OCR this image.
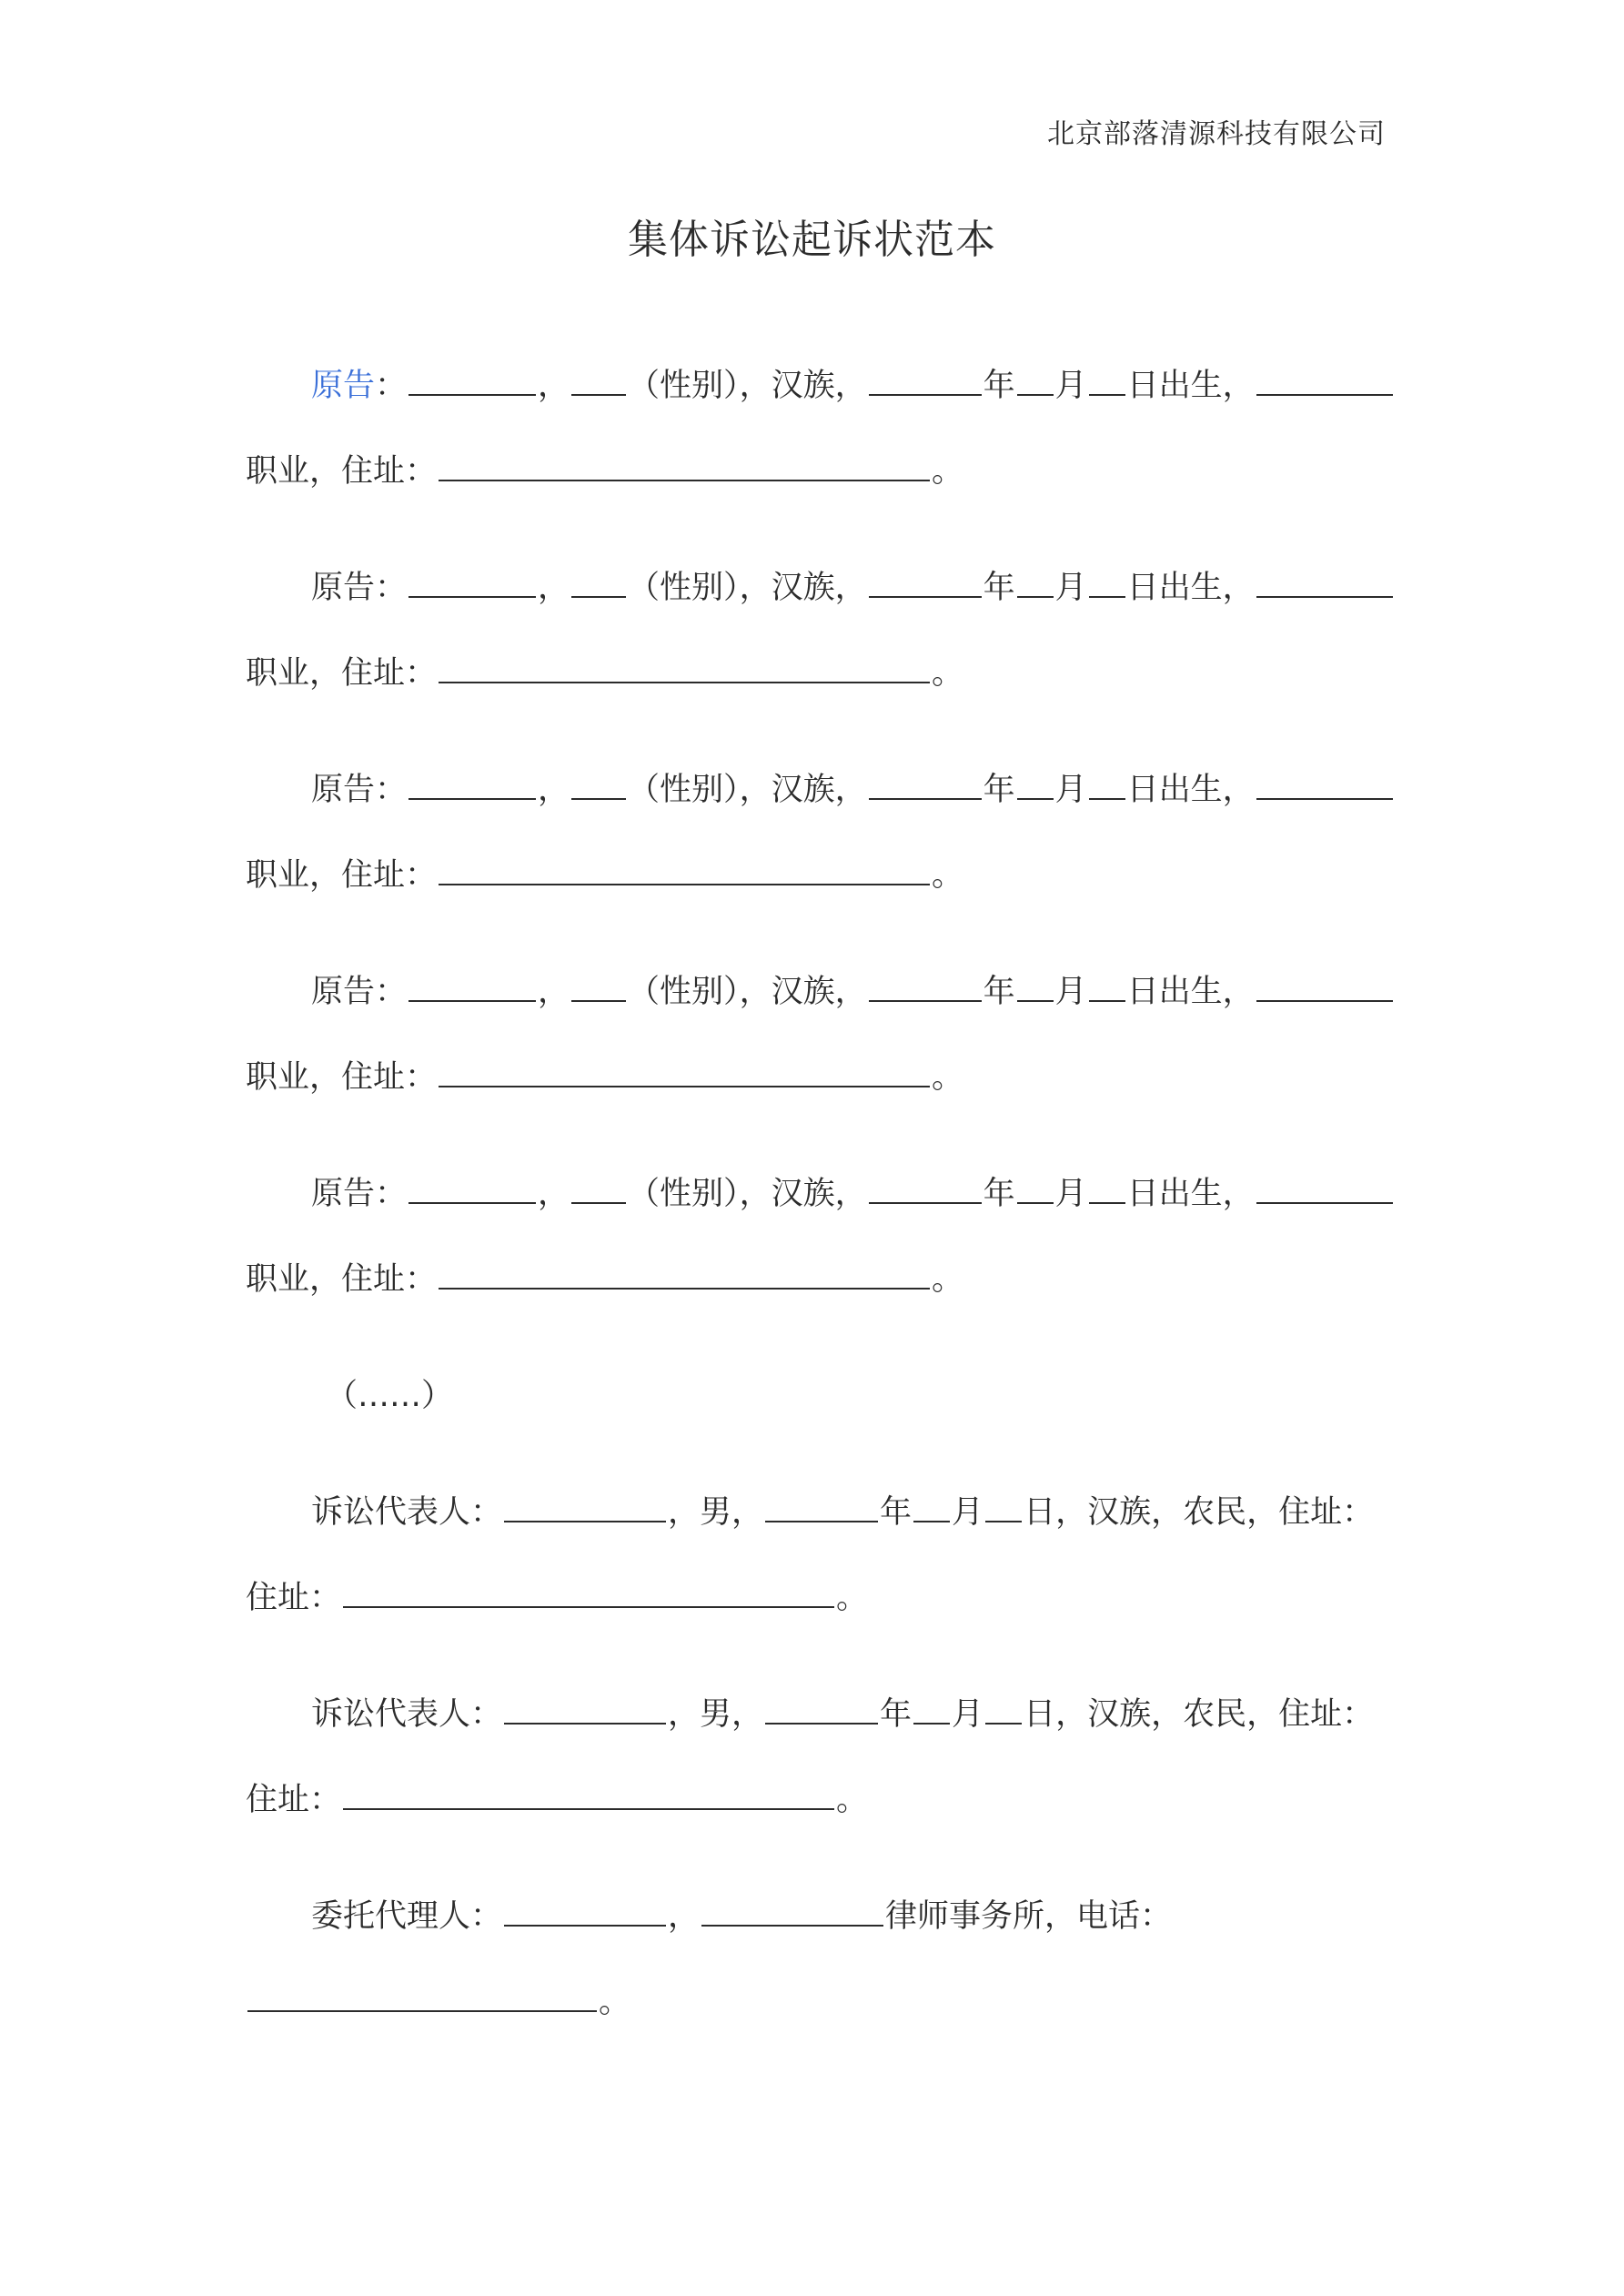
北京部落清源科技有限公司
集体诉讼起诉状范本
原告：	， （性别），汉族，	年 月 日出生，
职业，住址：	。
原告：	， （性别），汉族，	年 月 日出生，
职业，住址：	。
原告：	， （性别），汉族，	年 月 日出生，
职业，住址：	。
原告：	， （性别），汉族，	年 月 日出生，
职业，住址：	。
原告：	， （性别），汉族，	年 月 日出生，
职业，住址：	。
（……）
诉讼代表人：	，男，	年 月 日，汉族，农民，住址：
住址：	。
诉讼代表人：	，男，	年 月 日，汉族，农民，住址：
住址：	。
委托代理人：	，	律师事务所，电话：
。
